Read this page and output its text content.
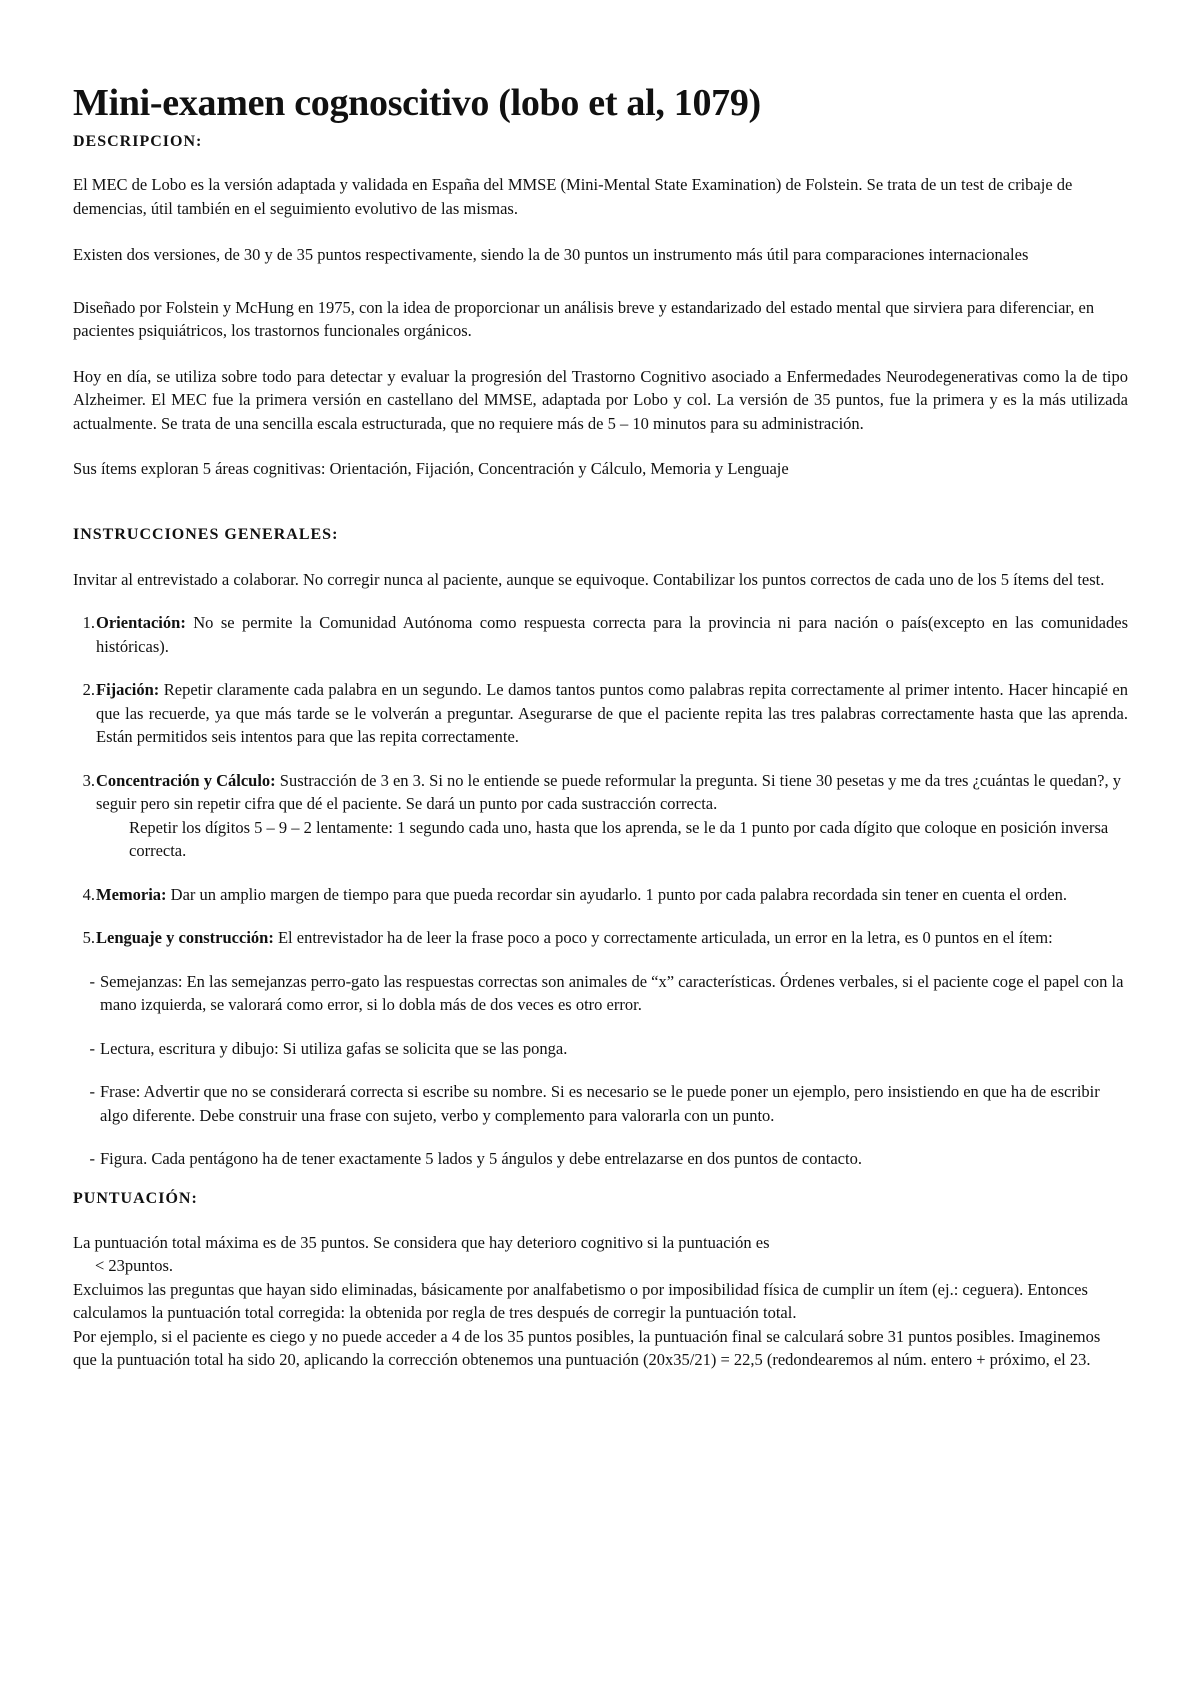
Mini-examen cognoscitivo (lobo et al, 1079)
DESCRIPCION:

El MEC de Lobo es la versión adaptada y validada en España del MMSE (Mini-Mental State Examination) de Folstein. Se trata de un test de cribaje de demencias, útil también en el seguimiento evolutivo de las mismas.

Existen dos versiones, de 30 y de 35 puntos respectivamente, siendo la de 30 puntos un instrumento más útil para comparaciones internacionales

Diseñado por Folstein y McHung en 1975, con la idea de proporcionar un análisis breve y estandarizado del estado mental que sirviera para diferenciar, en pacientes psiquiátricos, los trastornos funcionales orgánicos.

Hoy en día, se utiliza sobre todo para detectar y evaluar la progresión del Trastorno Cognitivo asociado a Enfermedades Neurodegenerativas como la de tipo Alzheimer. El MEC fue la primera versión en castellano del MMSE, adaptada por Lobo y col. La versión de 35 puntos, fue la primera y es la más utilizada actualmente. Se trata de una sencilla escala estructurada, que no requiere más de 5 – 10 minutos para su administración.

Sus ítems exploran 5 áreas cognitivas: Orientación, Fijación, Concentración y Cálculo, Memoria y Lenguaje

INSTRUCCIONES GENERALES:

Invitar al entrevistado a colaborar. No corregir nunca al paciente, aunque se equivoque. Contabilizar los puntos correctos de cada uno de los 5 ítems del test.

1. Orientación: No se permite la Comunidad Autónoma como respuesta correcta para la provincia ni para nación o país(excepto en las comunidades históricas).
2. Fijación: Repetir claramente cada palabra en un segundo. Le damos tantos puntos como palabras repita correctamente al primer intento. Hacer hincapié en que las recuerde, ya que más tarde se le volverán a preguntar. Asegurarse de que el paciente repita las tres palabras correctamente hasta que las aprenda. Están permitidos seis intentos para que las repita correctamente.
3. Concentración y Cálculo: Sustracción de 3 en 3. Si no le entiende se puede reformular la pregunta. Si tiene 30 pesetas y me da tres ¿cuántas le quedan?, y seguir pero sin repetir cifra que dé el paciente. Se dará un punto por cada sustracción correcta.
Repetir los dígitos 5 – 9 – 2 lentamente: 1 segundo cada uno, hasta que los aprenda, se le da 1 punto por cada dígito que coloque en posición inversa correcta.
4. Memoria: Dar un amplio margen de tiempo para que pueda recordar sin ayudarlo. 1 punto por cada palabra recordada sin tener en cuenta el orden.
5. Lenguaje y construcción: El entrevistador ha de leer la frase poco a poco y correctamente articulada, un error en la letra, es 0 puntos en el ítem:
- Semejanzas: En las semejanzas perro-gato las respuestas correctas son animales de “x” características. Órdenes verbales, si el paciente coge el papel con la mano izquierda, se valorará como error, si lo dobla más de dos veces es otro error.
- Lectura, escritura y dibujo: Si utiliza gafas se solicita que se las ponga.
- Frase: Advertir que no se considerará correcta si escribe su nombre. Si es necesario se le puede poner un ejemplo, pero insistiendo en que ha de escribir algo diferente. Debe construir una frase con sujeto, verbo y complemento para valorarla con un punto.
- Figura. Cada pentágono ha de tener exactamente 5 lados y 5 ángulos y debe entrelazarse en dos puntos de contacto.
PUNTUACIÓN:

La puntuación total máxima es de 35 puntos. Se considera que hay deterioro cognitivo si la puntuación es

< 23puntos.

Excluimos las preguntas que hayan sido eliminadas, básicamente por analfabetismo o por imposibilidad física de cumplir un ítem (ej.: ceguera). Entonces calculamos la puntuación total corregida: la obtenida por regla de tres después de corregir la puntuación total.

Por ejemplo, si el paciente es ciego y no puede acceder a 4 de los 35 puntos posibles, la puntuación final se calculará sobre 31 puntos posibles. Imaginemos que la puntuación total ha sido 20, aplicando la corrección obtenemos una puntuación (20x35/21) = 22,5 (redondearemos al núm. entero + próximo, el 23.
